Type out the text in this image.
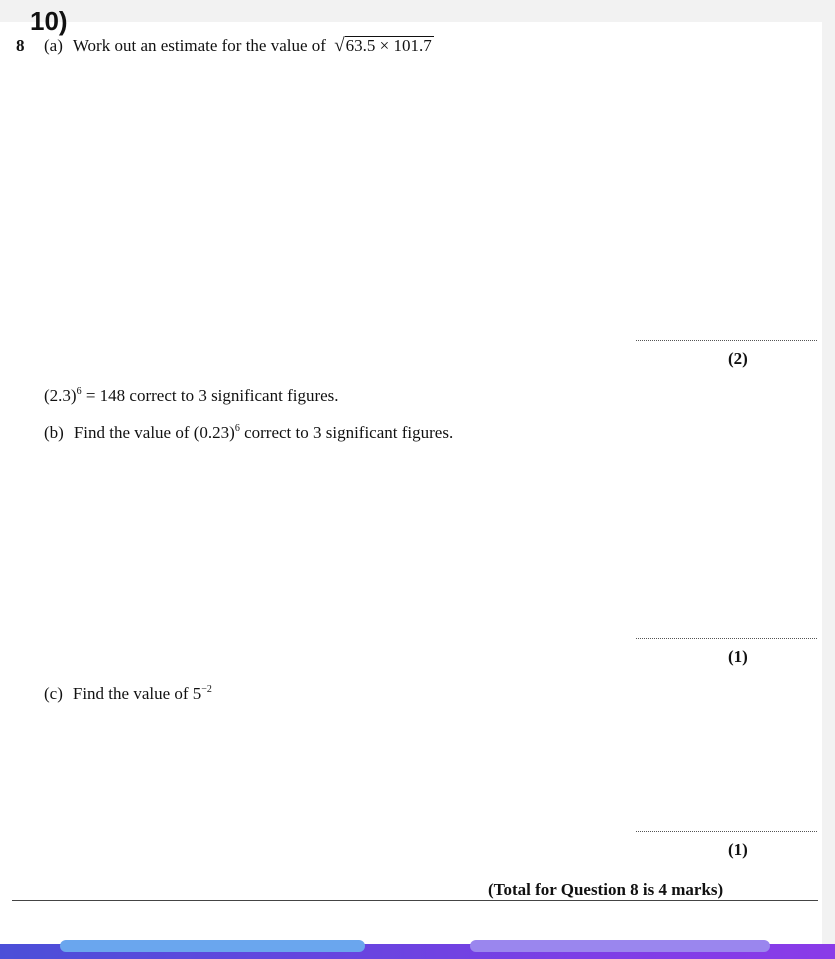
10)
8 (a) Work out an estimate for the value of √63.5 × 101.7
(2)
$(2.3)^6 = 148$ correct to 3 significant figures.
(b) Find the value of $(0.23)^6$ correct to 3 significant figures.
(1)
(c) Find the value of $5^{-2}$
(1)
(Total for Question 8 is 4 marks)
